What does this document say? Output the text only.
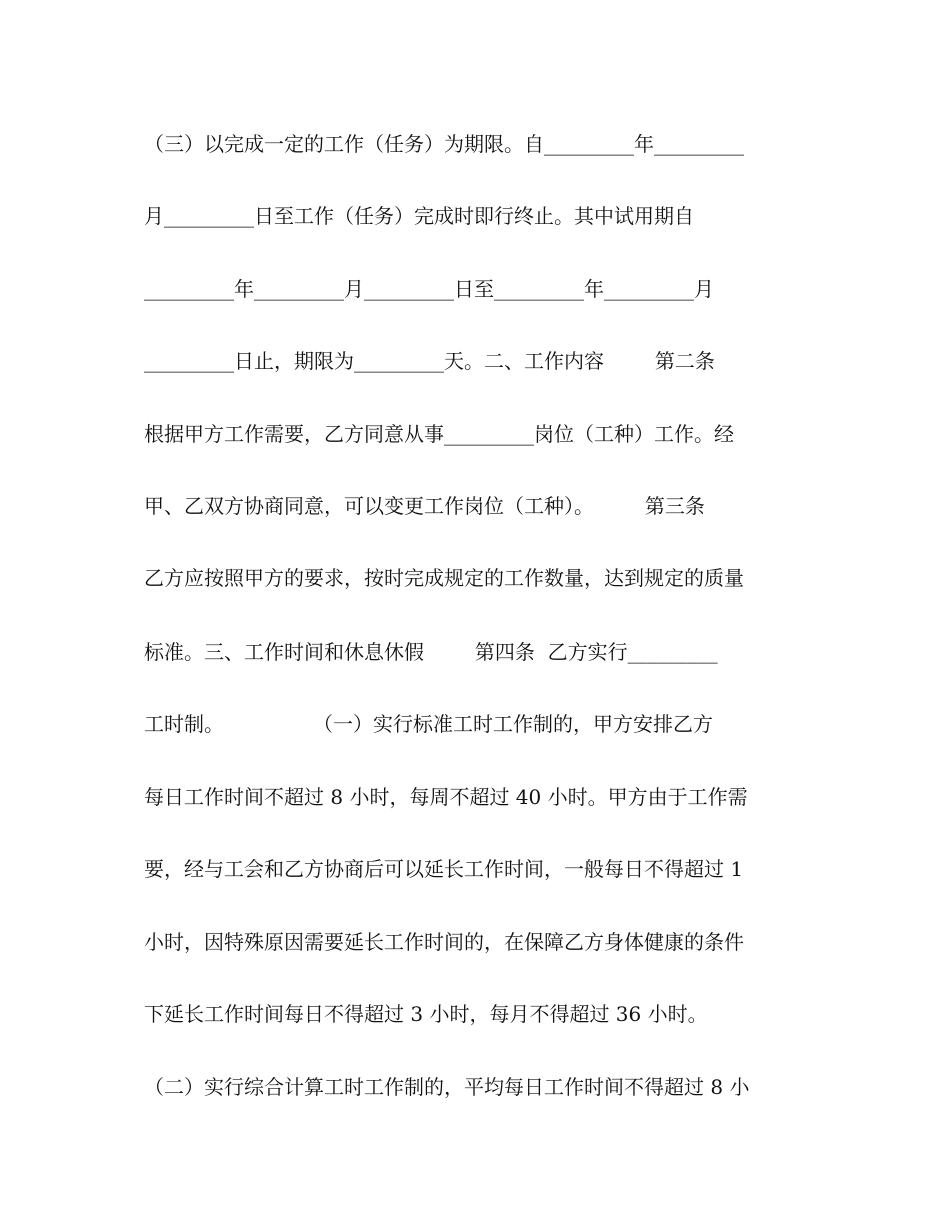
（三）以完成一定的工作（任务）为期限。自_________年_________
月_________日至工作（任务）完成时即行终止。其中试用期自
_________年_________月_________日至_________年_________月
_________日止，期限为_________天。二、工作内容        第二条
根据甲方工作需要，乙方同意从事_________岗位（工种）工作。经
甲、乙双方协商同意，可以变更工作岗位（工种）。        第三条
乙方应按照甲方的要求，按时完成规定的工作数量，达到规定的质量
标准。三、工作时间和休息休假        第四条  乙方实行_________
工时制。              （一）实行标准工时工作制的，甲方安排乙方
每日工作时间不超过 8 小时，每周不超过 40 小时。甲方由于工作需
要，经与工会和乙方协商后可以延长工作时间，一般每日不得超过 1
小时，因特殊原因需要延长工作时间的，在保障乙方身体健康的条件
下延长工作时间每日不得超过 3 小时，每月不得超过 36 小时。
（二）实行综合计算工时工作制的，平均每日工作时间不得超过 8 小
